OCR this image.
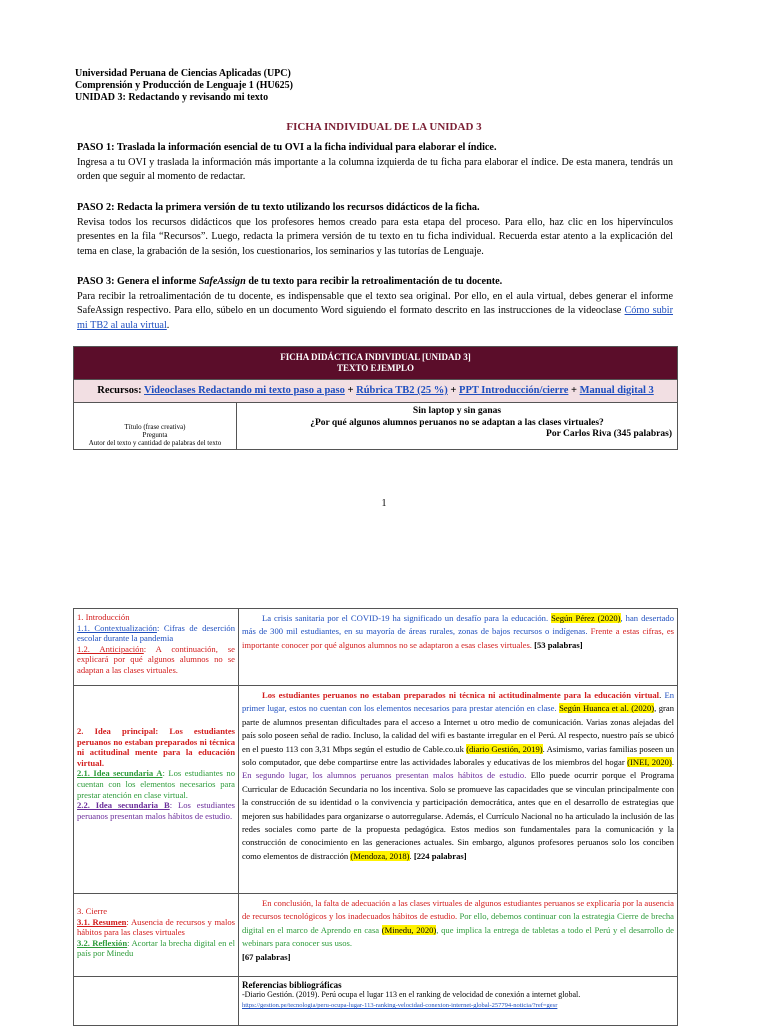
Universidad Peruana de Ciencias Aplicadas (UPC)
Comprensión y Producción de Lenguaje 1 (HU625)
UNIDAD 3: Redactando y revisando mi texto
FICHA INDIVIDUAL DE LA UNIDAD 3
PASO 1: Traslada la información esencial de tu OVI a la ficha individual para elaborar el índice.
Ingresa a tu OVI y traslada la información más importante a la columna izquierda de tu ficha para elaborar el índice. De esta manera, tendrás un orden que seguir al momento de redactar.
PASO 2: Redacta la primera versión de tu texto utilizando los recursos didácticos de la ficha.
Revisa todos los recursos didácticos que los profesores hemos creado para esta etapa del proceso. Para ello, haz clic en los hipervínculos presentes en la fila “Recursos”. Luego, redacta la primera versión de tu texto en tu ficha individual. Recuerda estar atento a la explicación del tema en clase, la grabación de la sesión, los cuestionarios, los seminarios y las tutorías de Lenguaje.
PASO 3: Genera el informe SafeAssign de tu texto para recibir la retroalimentación de tu docente.
Para recibir la retroalimentación de tu docente, es indispensable que el texto sea original. Por ello, en el aula virtual, debes generar el informe SafeAssign respectivo. Para ello, súbelo en un documento Word siguiendo el formato descrito en las instrucciones de la videoclase Cómo subir mi TB2 al aula virtual.
FICHA DIDÁCTICA INDIVIDUAL [UNIDAD 3]
TEXTO EJEMPLO
Recursos: Videoclases Redactando mi texto paso a paso + Rúbrica TB2 (25 %) + PPT Introducción/cierre + Manual digital 3
Título (frase creativa)
Pregunta
Autor del texto y cantidad de palabras del texto
Sin laptop y sin ganas
¿Por qué algunos alumnos peruanos no se adaptan a las clases virtuales?
Por Carlos Riva (345 palabras)
1
1. Introducción
1.1. Contextualización: Cifras de deserción escolar durante la pandemia
1.2. Anticipación: A continuación, se explicará por qué algunos alumnos no se adaptan a las clases virtuales.
La crisis sanitaria por el COVID-19 ha significado un desafío para la educación. Según Pérez (2020), han desertado más de 300 mil estudiantes, en su mayoría de áreas rurales, zonas de bajos recursos o indígenas. Frente a estas cifras, es importante conocer por qué algunos alumnos no se adaptaron a esas clases virtuales. [53 palabras]
2. Idea principal: Los estudiantes peruanos no estaban preparados ni técnica ni actitudinal mente para la educación virtual.
2.1. Idea secundaria A: Los estudiantes no cuentan con los elementos necesarios para prestar atención en clase virtual.
2.2. Idea secundaria B: Los estudiantes peruanos presentan malos hábitos de estudio.
Los estudiantes peruanos no estaban preparados ni técnica ni actitudinalmente para la educación virtual. En primer lugar, estos no cuentan con los elementos necesarios para prestar atención en clase. Según Huanca et al. (2020), gran parte de alumnos presentan dificultades para el acceso a Internet u otro medio de comunicación. Varias zonas alejadas del país solo poseen señal de radio. Incluso, la calidad del wifi es bastante irregular en el Perú. Al respecto, nuestro país se ubicó en el puesto 113 con 3,31 Mbps según el estudio de Cable.co.uk (diario Gestión, 2019). Asimismo, varias familias poseen un solo computador, que debe compartirse entre las actividades laborales y educativas de los miembros del hogar (INEI, 2020). En segundo lugar, los alumnos peruanos presentan malos hábitos de estudio. Ello puede ocurrir porque el Programa Curricular de Educación Secundaria no los incentiva. Solo se promueve las capacidades que se vinculan principalmente con la construcción de su identidad o la convivencia y participación democrática, antes que en el desarrollo de estrategias que mejoren sus habilidades para organizarse o autorregularse. Además, el Currículo Nacional no ha articulado la inclusión de las redes sociales como parte de la propuesta pedagógica. Estos medios son fundamentales para la comunicación y la construcción de conocimiento en las generaciones actuales. Sin embargo, algunos profesores peruanos solo los conciben como elementos de distracción (Mendoza, 2018). [224 palabras]
3. Cierre
3.1. Resumen: Ausencia de recursos y malos hábitos para las clases virtuales
3.2. Reflexión: Acortar la brecha digital en el país por Minedu
En conclusión, la falta de adecuación a las clases virtuales de algunos estudiantes peruanos se explicaría por la ausencia de recursos tecnológicos y los inadecuados hábitos de estudio. Por ello, debemos continuar con la estrategia Cierre de brecha digital en el marco de Aprendo en casa (Minedu, 2020), que implica la entrega de tabletas a todo el Perú y el desarrollo de webinars para conocer sus usos.
[67 palabras]
Referencias bibliográficas
-Diario Gestión. (2019). Perú ocupa el lugar 113 en el ranking de velocidad de conexión a internet global.
https://gestion.pe/tecnologia/peru-ocupa-lugar-113-ranking-velocidad-conexion-internet-global-257794-noticia/?ref=gesr
